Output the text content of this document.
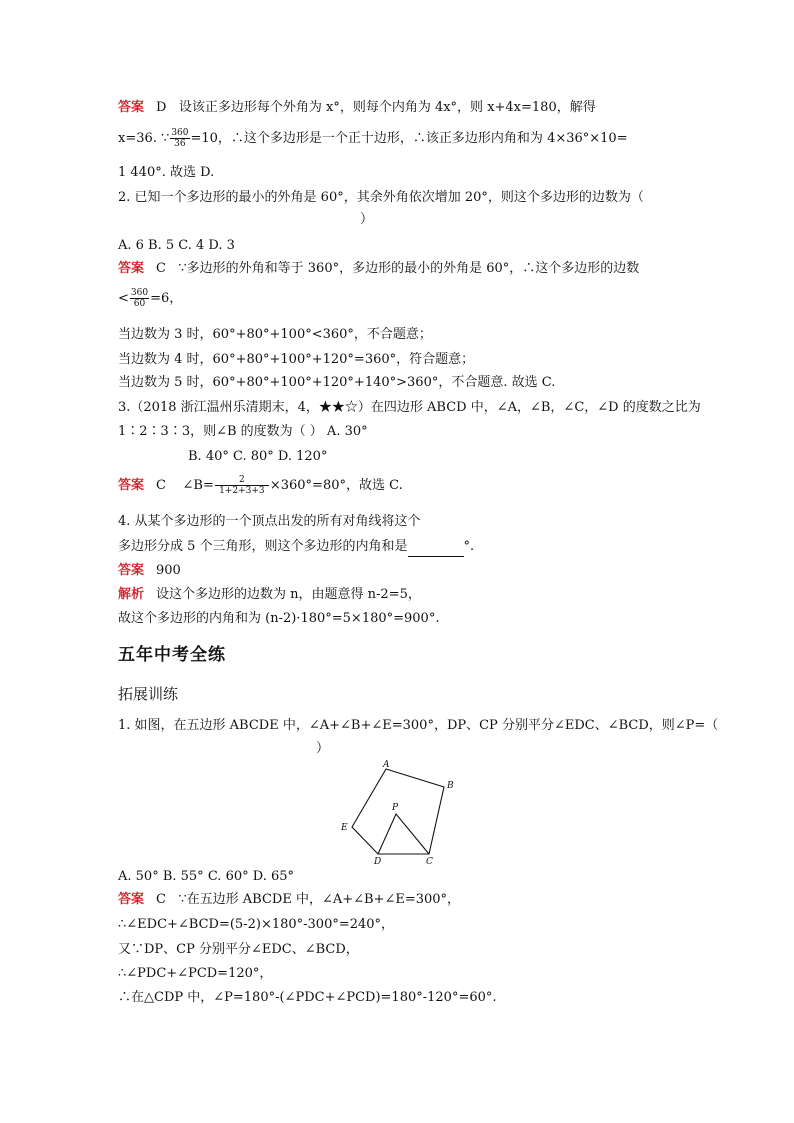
答案 D 设该正多边形每个外角为 x°，则每个内角为 4x°，则 x+4x=180，解得
x=36. ∵ $\frac{360}{36} =10$，∴这个多边形是一个正十边形，∴该正多边形内角和为 4×36°×10=
1 440°. 故选 D.
2. 已知一个多边形的最小的外角是 60°，其余外角依次增加 20°，则这个多边形的边数为（
）
A. 6 B. 5 C. 4 D. 3
答案 C ∵多边形的外角和等于 360°，多边形的最小的外角是 60°，∴这个多边形的边数
< $\frac{360}{60} =6$，
当边数为 3 时，60°+80°+100°<360°，不合题意；
当边数为 4 时，60°+80°+100°+120°=360°，符合题意；
当边数为 5 时，60°+80°+100°+120°+140°>360°，不合题意. 故选 C.
3.（2018 浙江温州乐清期末，4，★★☆）在四边形 ABCD 中，∠A，∠B，∠C，∠D 的度数之比为
1∶2∶3∶3，则∠B 的度数为（ ） A. 30°
B. 40° C. 80° D. 120°
答案 C ∠B= $\frac{2}{1+2+3+3} \times 360^\circ=80^\circ$，故选 C.
4. 从某个多边形的一个顶点出发的所有对角线将这个
多边形分成 5 个三角形，则这个多边形的内角和是	°.
答案 900
解析 设这个多边形的边数为 n，由题意得 n-2=5，
故这个多边形的内角和为 (n-2)·180°=5×180°=900°.
五年中考全练
拓展训练
1. 如图，在五边形 ABCDE 中，∠A+∠B+∠E=300°，DP、CP 分别平分∠EDC、∠BCD，则∠P=（
）
A
B
C
D
E
P
A. 50° B. 55° C. 60° D. 65°
答案 C ∵在五边形 ABCDE 中，∠A+∠B+∠E=300°，
∴∠EDC+∠BCD=(5-2)×180°-300°=240°，
又∵DP、CP 分别平分∠EDC、∠BCD，
∴∠PDC+∠PCD=120°，
∴在△CDP 中，∠P=180°-(∠PDC+∠PCD)=180°-120°=60°.
